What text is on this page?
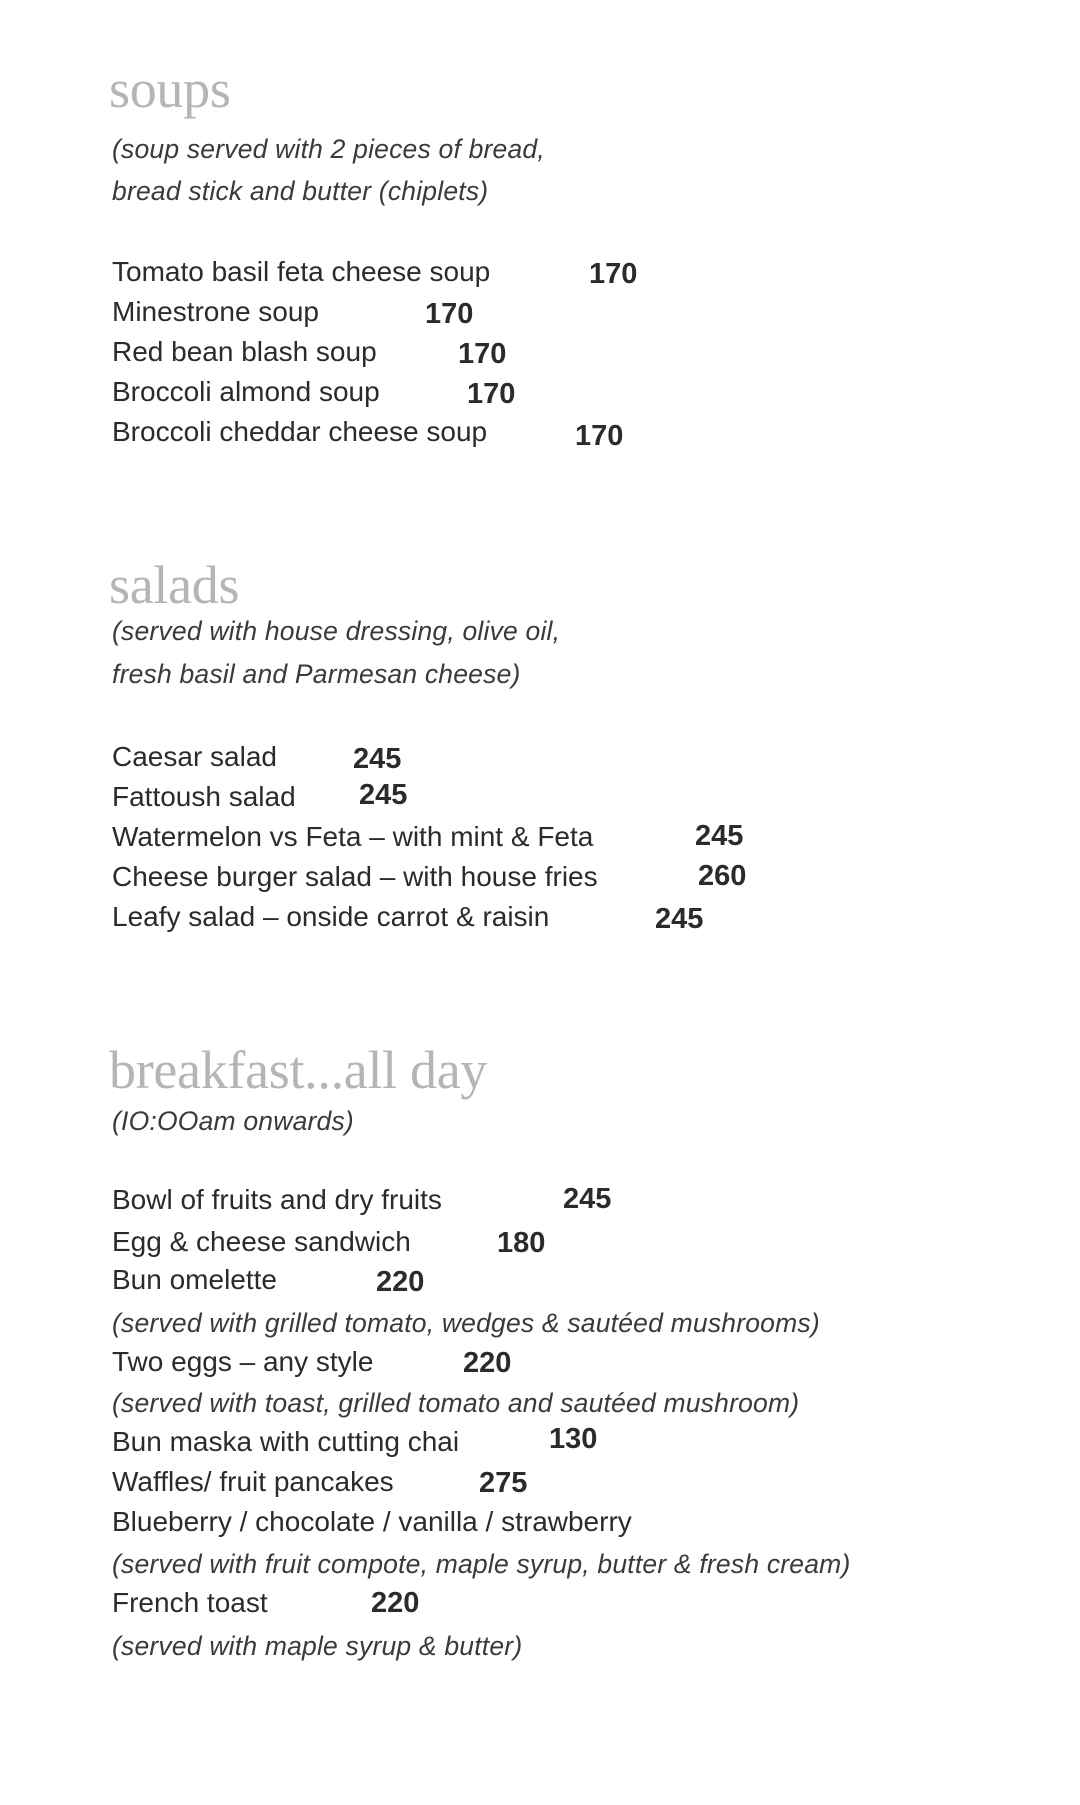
soups
(soup served with 2 pieces of bread,
bread stick and butter (chiplets)
Tomato basil feta cheese soup	170
Minestrone soup	170
Red bean blash soup	170
Broccoli almond soup	170
Broccoli cheddar cheese soup	170
salads
(served with house dressing, olive oil,
fresh basil and Parmesan cheese)
Caesar salad	245
Fattoush salad 245
Watermelon vs Feta – with mint & Feta	245
Cheese burger salad – with house fries	260
Leafy salad – onside carrot & raisin	245
breakfast...all day
(IO:OOam onwards)
Bowl of fruits and dry fruits	245
Egg & cheese sandwich	180
Bun omelette	220
(served with grilled tomato, wedges & sautéed mushrooms)
Two eggs – any style	220
(served with toast, grilled tomato and sautéed mushroom)
Bun maska with cutting chai	130
Waffles/ fruit pancakes	275
Blueberry / chocolate / vanilla / strawberry
(served with fruit compote, maple syrup, butter & fresh cream)
French toast	220
(served with maple syrup & butter)
